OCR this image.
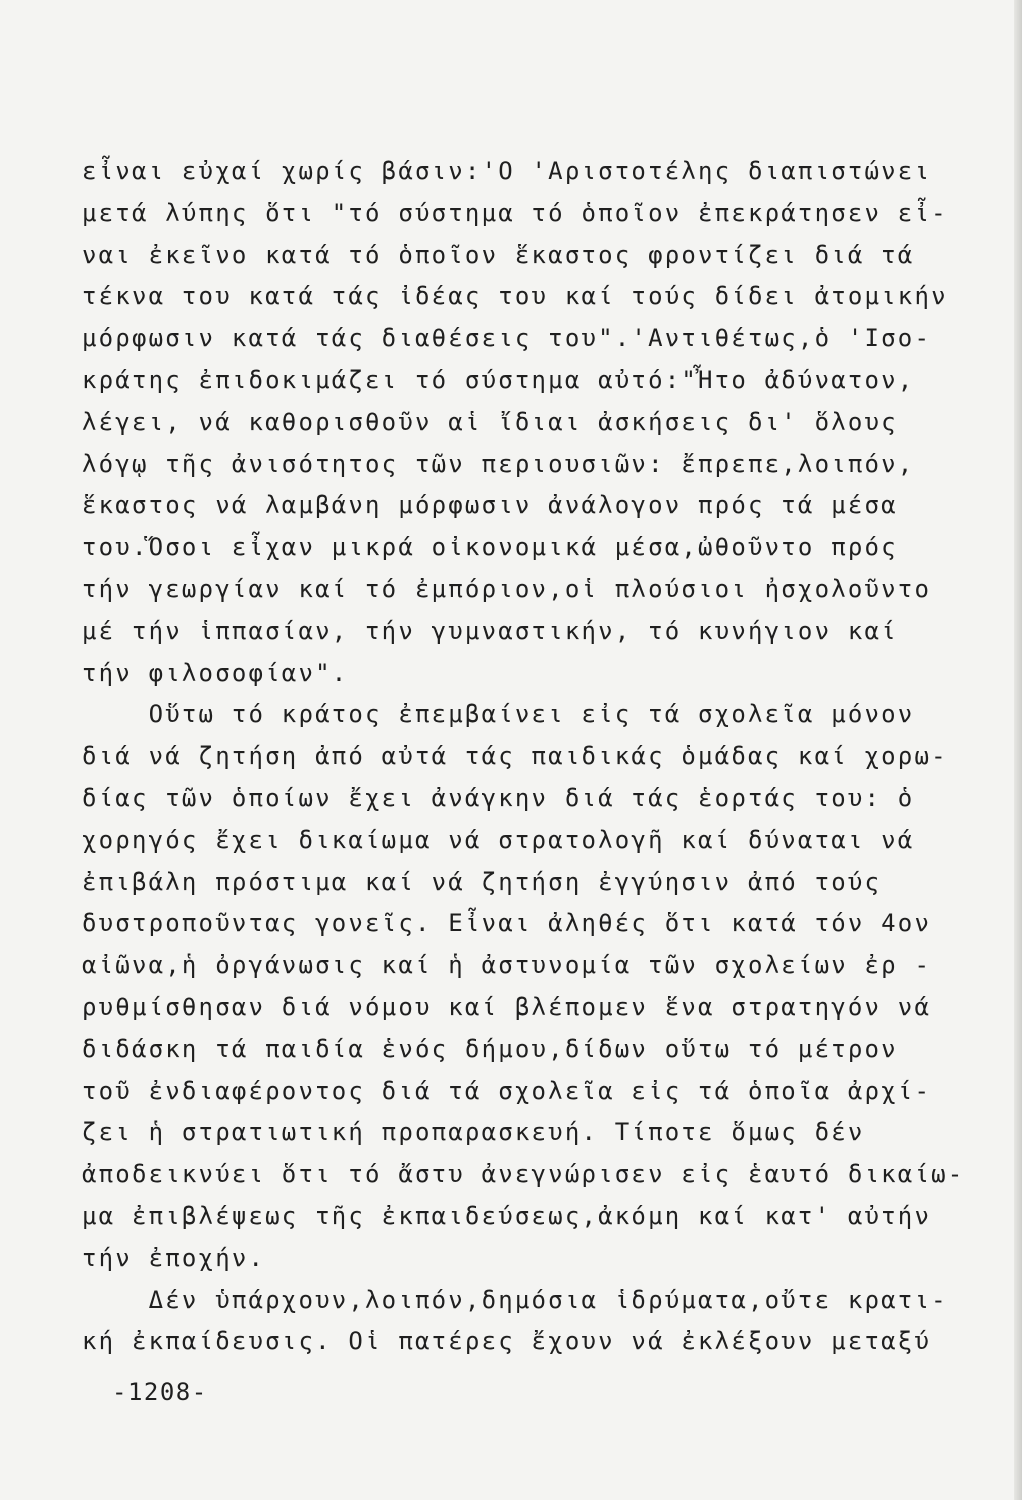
εἶναι εὐχαί χωρίς βάσιν:'Ο 'Αριστοτέλης διαπιστώνει
μετά λύπης ὅτι "τό σύστημα τό ὁποῖον ἐπεκράτησεν εἶ-
ναι ἐκεῖνο κατά τό ὁποῖον ἕκαστος φροντίζει διά τά
τέκνα του κατά τάς ἰδέας του καί τούς δίδει ἀτομικήν
μόρφωσιν κατά τάς διαθέσεις του".'Αντιθέτως,ὁ 'Ισο-
κράτης ἐπιδοκιμάζει τό σύστημα αὐτό:"Ἦτο ἀδύνατον,
λέγει, νά καθορισθοῦν αἱ ἴδιαι ἀσκήσεις δι' ὅλους
λόγῳ τῆς ἀνισότητος τῶν περιουσιῶν: ἔπρεπε,λοιπόν,
ἕκαστος νά λαμβάνη μόρφωσιν ἀνάλογον πρός τά μέσα
του.Ὅσοι εἶχαν μικρά οἰκονομικά μέσα,ὠθοῦντο πρός
τήν γεωργίαν καί τό ἐμπόριον,οἱ πλούσιοι ἠσχολοῦντο
μέ τήν ἱππασίαν, τήν γυμναστικήν, τό κυνήγιον καί
τήν φιλοσοφίαν".
Οὕτω τό κράτος ἐπεμβαίνει εἰς τά σχολεῖα μόνον
διά νά ζητήση ἀπό αὐτά τάς παιδικάς ὁμάδας καί χορω-
δίας τῶν ὁποίων ἔχει ἀνάγκην διά τάς ἑορτάς του: ὁ
χορηγός ἔχει δικαίωμα νά στρατολογῆ καί δύναται νά
ἐπιβάλη πρόστιμα καί νά ζητήση ἐγγύησιν ἀπό τούς
δυστροποῦντας γονεῖς. Εἶναι ἀληθές ὅτι κατά τόν 4ον
αἰῶνα,ἡ ὀργάνωσις καί ἡ ἀστυνομία τῶν σχολείων ἐρ -
ρυθμίσθησαν διά νόμου καί βλέπομεν ἕνα στρατηγόν νά
διδάσκη τά παιδία ἑνός δήμου,δίδων οὕτω τό μέτρον
τοῦ ἐνδιαφέροντος διά τά σχολεῖα εἰς τά ὁποῖα ἀρχί-
ζει ἡ στρατιωτική προπαρασκευή. Τίποτε ὅμως δέν
ἀποδεικνύει ὅτι τό ἄστυ ἀνεγνώρισεν εἰς ἑαυτό δικαίω-
μα ἐπιβλέψεως τῆς ἐκπαιδεύσεως,ἀκόμη καί κατ' αὐτήν
τήν ἐποχήν.
Δέν ὑπάρχουν,λοιπόν,δημόσια ἱδρύματα,οὔτε κρατι-
κή ἐκπαίδευσις. Οἱ πατέρες ἔχουν νά ἐκλέξουν μεταξύ
-1208-
